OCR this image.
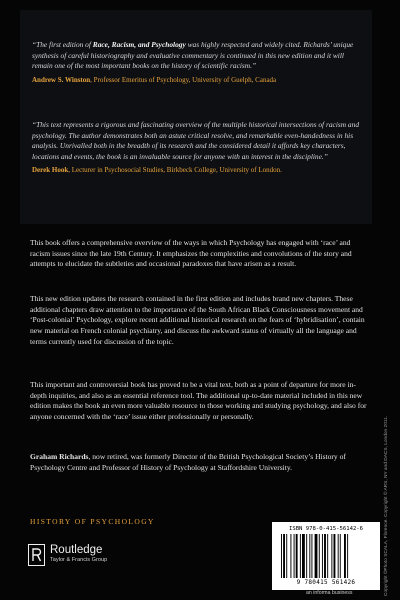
“The first edition of Race, Racism, and Psychology was highly respected and widely cited. Richards’ unique synthesis of careful historiography and evaluative commentary is continued in this new edition and it will remain one of the most important books on the history of scientific racism.”

Andrew S. Winston, Professor Emeritus of Psychology, University of Guelph, Canada

“This text represents a rigorous and fascinating overview of the multiple historical intersections of racism and psychology. The author demonstrates both an astute critical resolve, and remarkable even-handedness in his analysis. Unrivalled both in the breadth of its research and the considered detail it affords key characters, locations and events, the book is an invaluable source for anyone with an interest in the discipline.”

Derek Hook, Lecturer in Psychosocial Studies, Birkbeck College, University of London.

This book offers a comprehensive overview of the ways in which Psychology has engaged with ‘race’ and racism issues since the late 19th Century. It emphasizes the complexities and convolutions of the story and attempts to elucidate the subtleties and occasional paradoxes that have arisen as a result.

This new edition updates the research contained in the first edition and includes brand new chapters. These additional chapters draw attention to the importance of the South African Black Consciousness movement and ‘Post-colonial’ Psychology, explore recent additional historical research on the fears of ‘hybridisation’, contain new material on French colonial psychiatry, and discuss the awkward status of virtually all the language and terms currently used for discussion of the topic.

This important and controversial book has proved to be a vital text, both as a point of departure for more in-depth inquiries, and also as an essential reference tool. The additional up-to-date material included in this new edition makes the book an even more valuable resource to those working and studying psychology, and also for anyone concerned with the ‘race’ issue either professionally or personally.

Graham Richards, now retired, was formerly Director of the British Psychological Society’s History of Psychology Centre and Professor of History of Psychology at Staffordshire University.

HISTORY OF PSYCHOLOGY
Routledge
Taylor & Francis Group
ISBN 978-0-415-56142-6
9 780415 561426
an informa business	Copyright ©Photo SCALA, Florence. Copyright © ARS, NY and DACS, London 2011.
